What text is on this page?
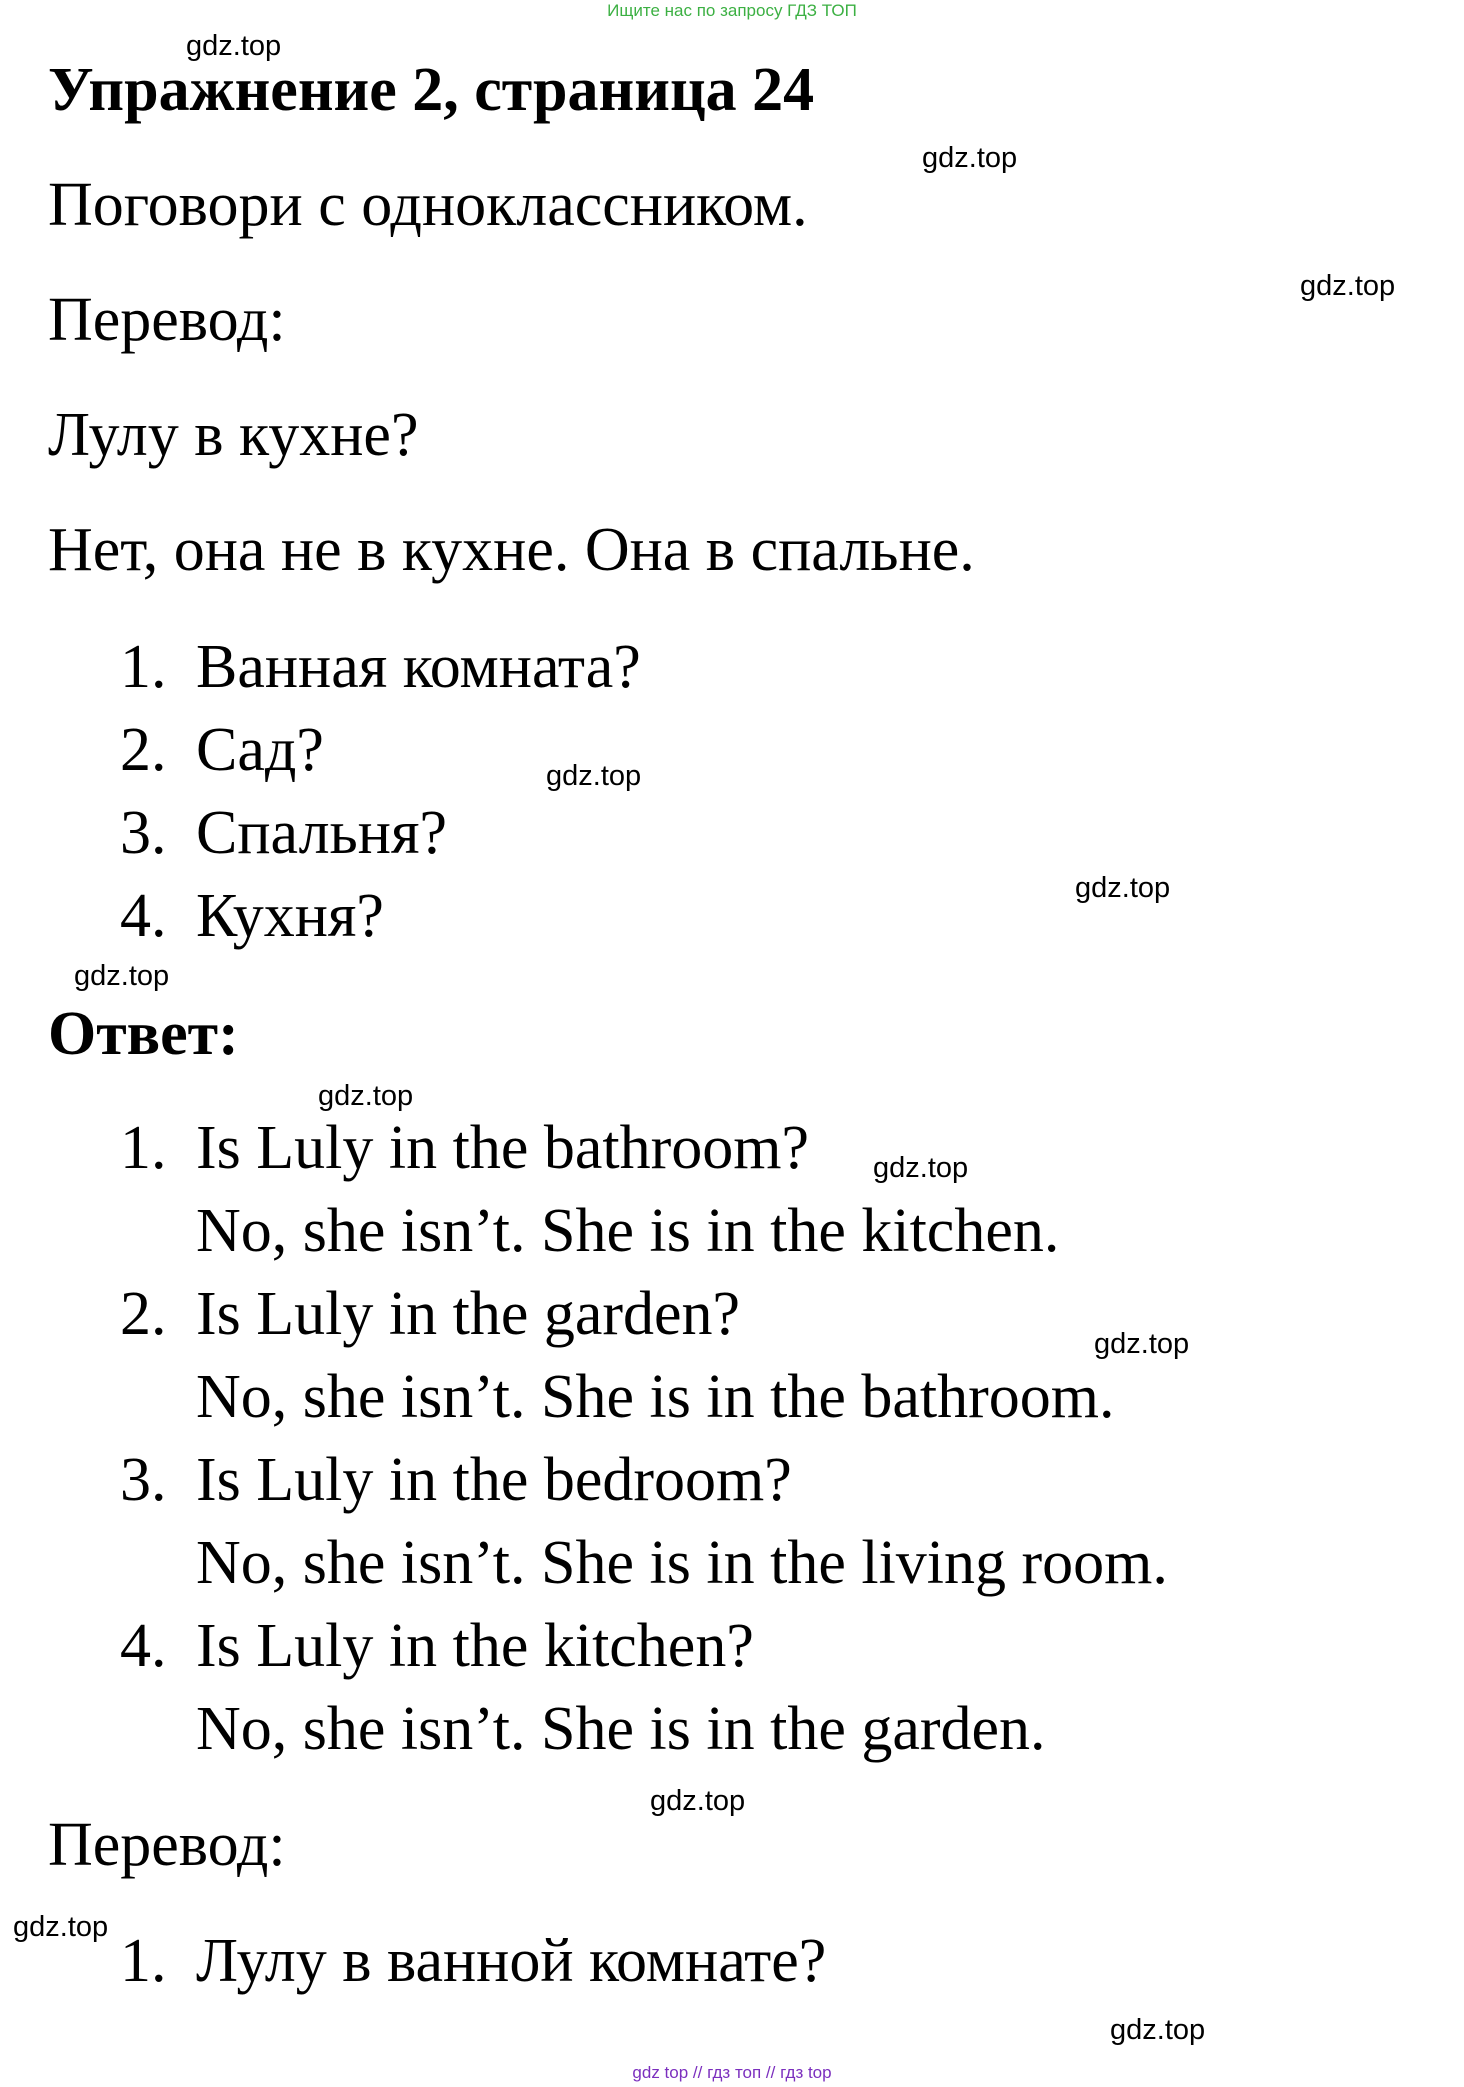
Ищите нас по запросу ГДЗ ТОП
Упражнение 2, страница 24
Поговори с одноклассником.
Перевод:
Лулу в кухне?
Нет, она не в кухне. Она в спальне.
1. Ванная комната?
2. Сад?
3. Спальня?
4. Кухня?
Ответ:
1. Is Luly in the bathroom?
No, she isn’t. She is in the kitchen.
2. Is Luly in the garden?
No, she isn’t. She is in the bathroom.
3. Is Luly in the bedroom?
No, she isn’t. She is in the living room.
4. Is Luly in the kitchen?
No, she isn’t. She is in the garden.
Перевод:
1. Лулу в ванной комнате?
gdz.top
gdz.top
gdz.top
gdz.top
gdz.top
gdz.top
gdz.top
gdz.top
gdz.top
gdz.top
gdz.top
gdz.top
gdz top // гдз топ // гдз top
